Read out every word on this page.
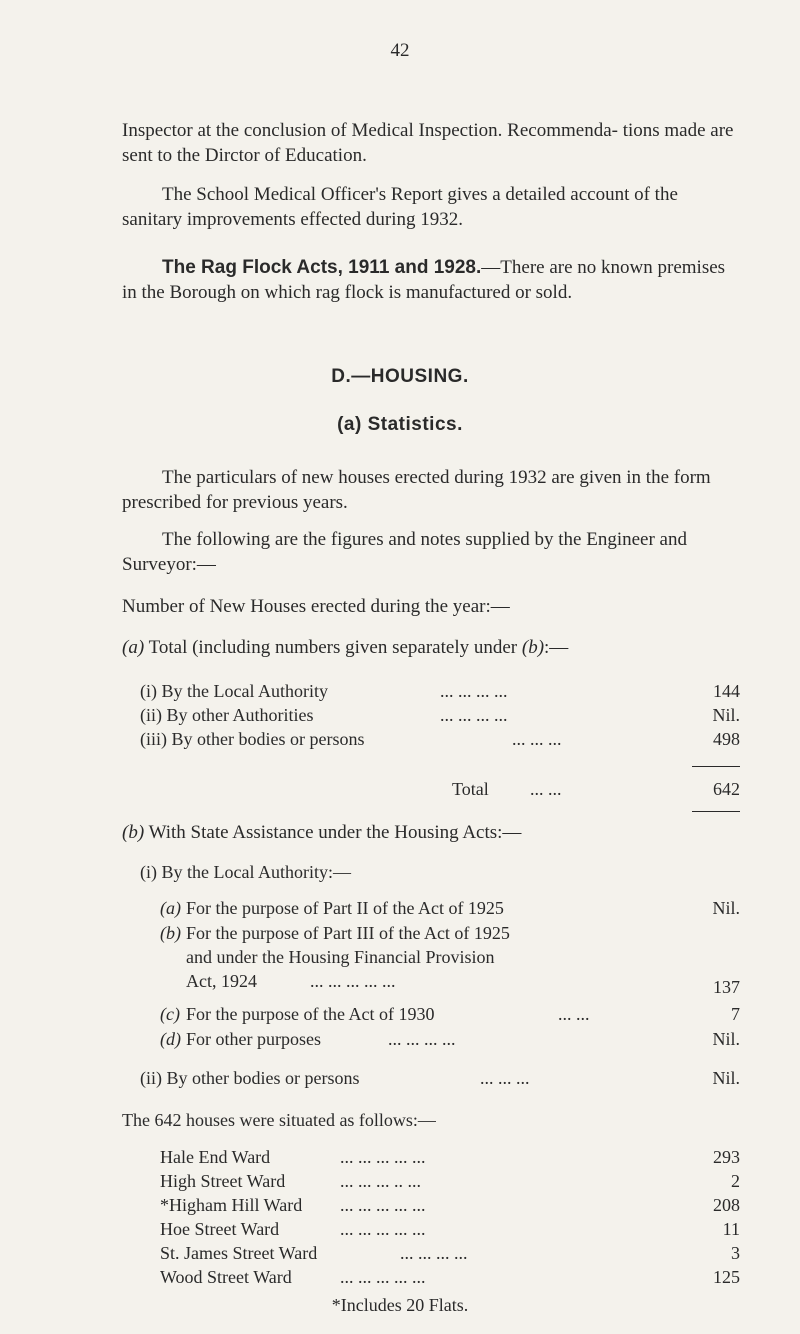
42
Inspector at the conclusion of Medical Inspection. Recommenda- tions made are sent to the Dirctor of Education.
The School Medical Officer's Report gives a detailed account of the sanitary improvements effected during 1932.
The Rag Flock Acts, 1911 and 1928.—There are no known premises in the Borough on which rag flock is manufactured or sold.
D.—HOUSING.
(a) Statistics.
The particulars of new houses erected during 1932 are given in the form prescribed for previous years.
The following are the figures and notes supplied by the Engineer and Surveyor:—
Number of New Houses erected during the year:—
(a) Total (including numbers given separately under (b):—
(i) By the Local Authority	... ... ... ...	144
(ii) By other Authorities	... ... ... ...	Nil.
(iii) By other bodies or persons	... ... ...	498
Total ... ...	642
(b) With State Assistance under the Housing Acts:—
(i) By the Local Authority:—
(a) For the purpose of Part II of the Act of 1925	Nil.
(b) For the purpose of Part III of the Act of 1925
and under the Housing Financial Provision
Act, 1924	... ... ... ... ...	137
(c) For the purpose of the Act of 1930	... ...	7
(d) For other purposes	... ... ... ...	Nil.
(ii) By other bodies or persons	... ... ...	Nil.
The 642 houses were situated as follows:—
Hale End Ward	... ... ... ... ...	293
High Street Ward	... ... ... .. ...	2
*Higham Hill Ward ... ... ... ... ...	208
Hoe Street Ward	... ... ... ... ...	11
St. James Street Ward	... ... ... ...	3
Wood Street Ward	... ... ... ... ...	125
*Includes 20 Flats.
